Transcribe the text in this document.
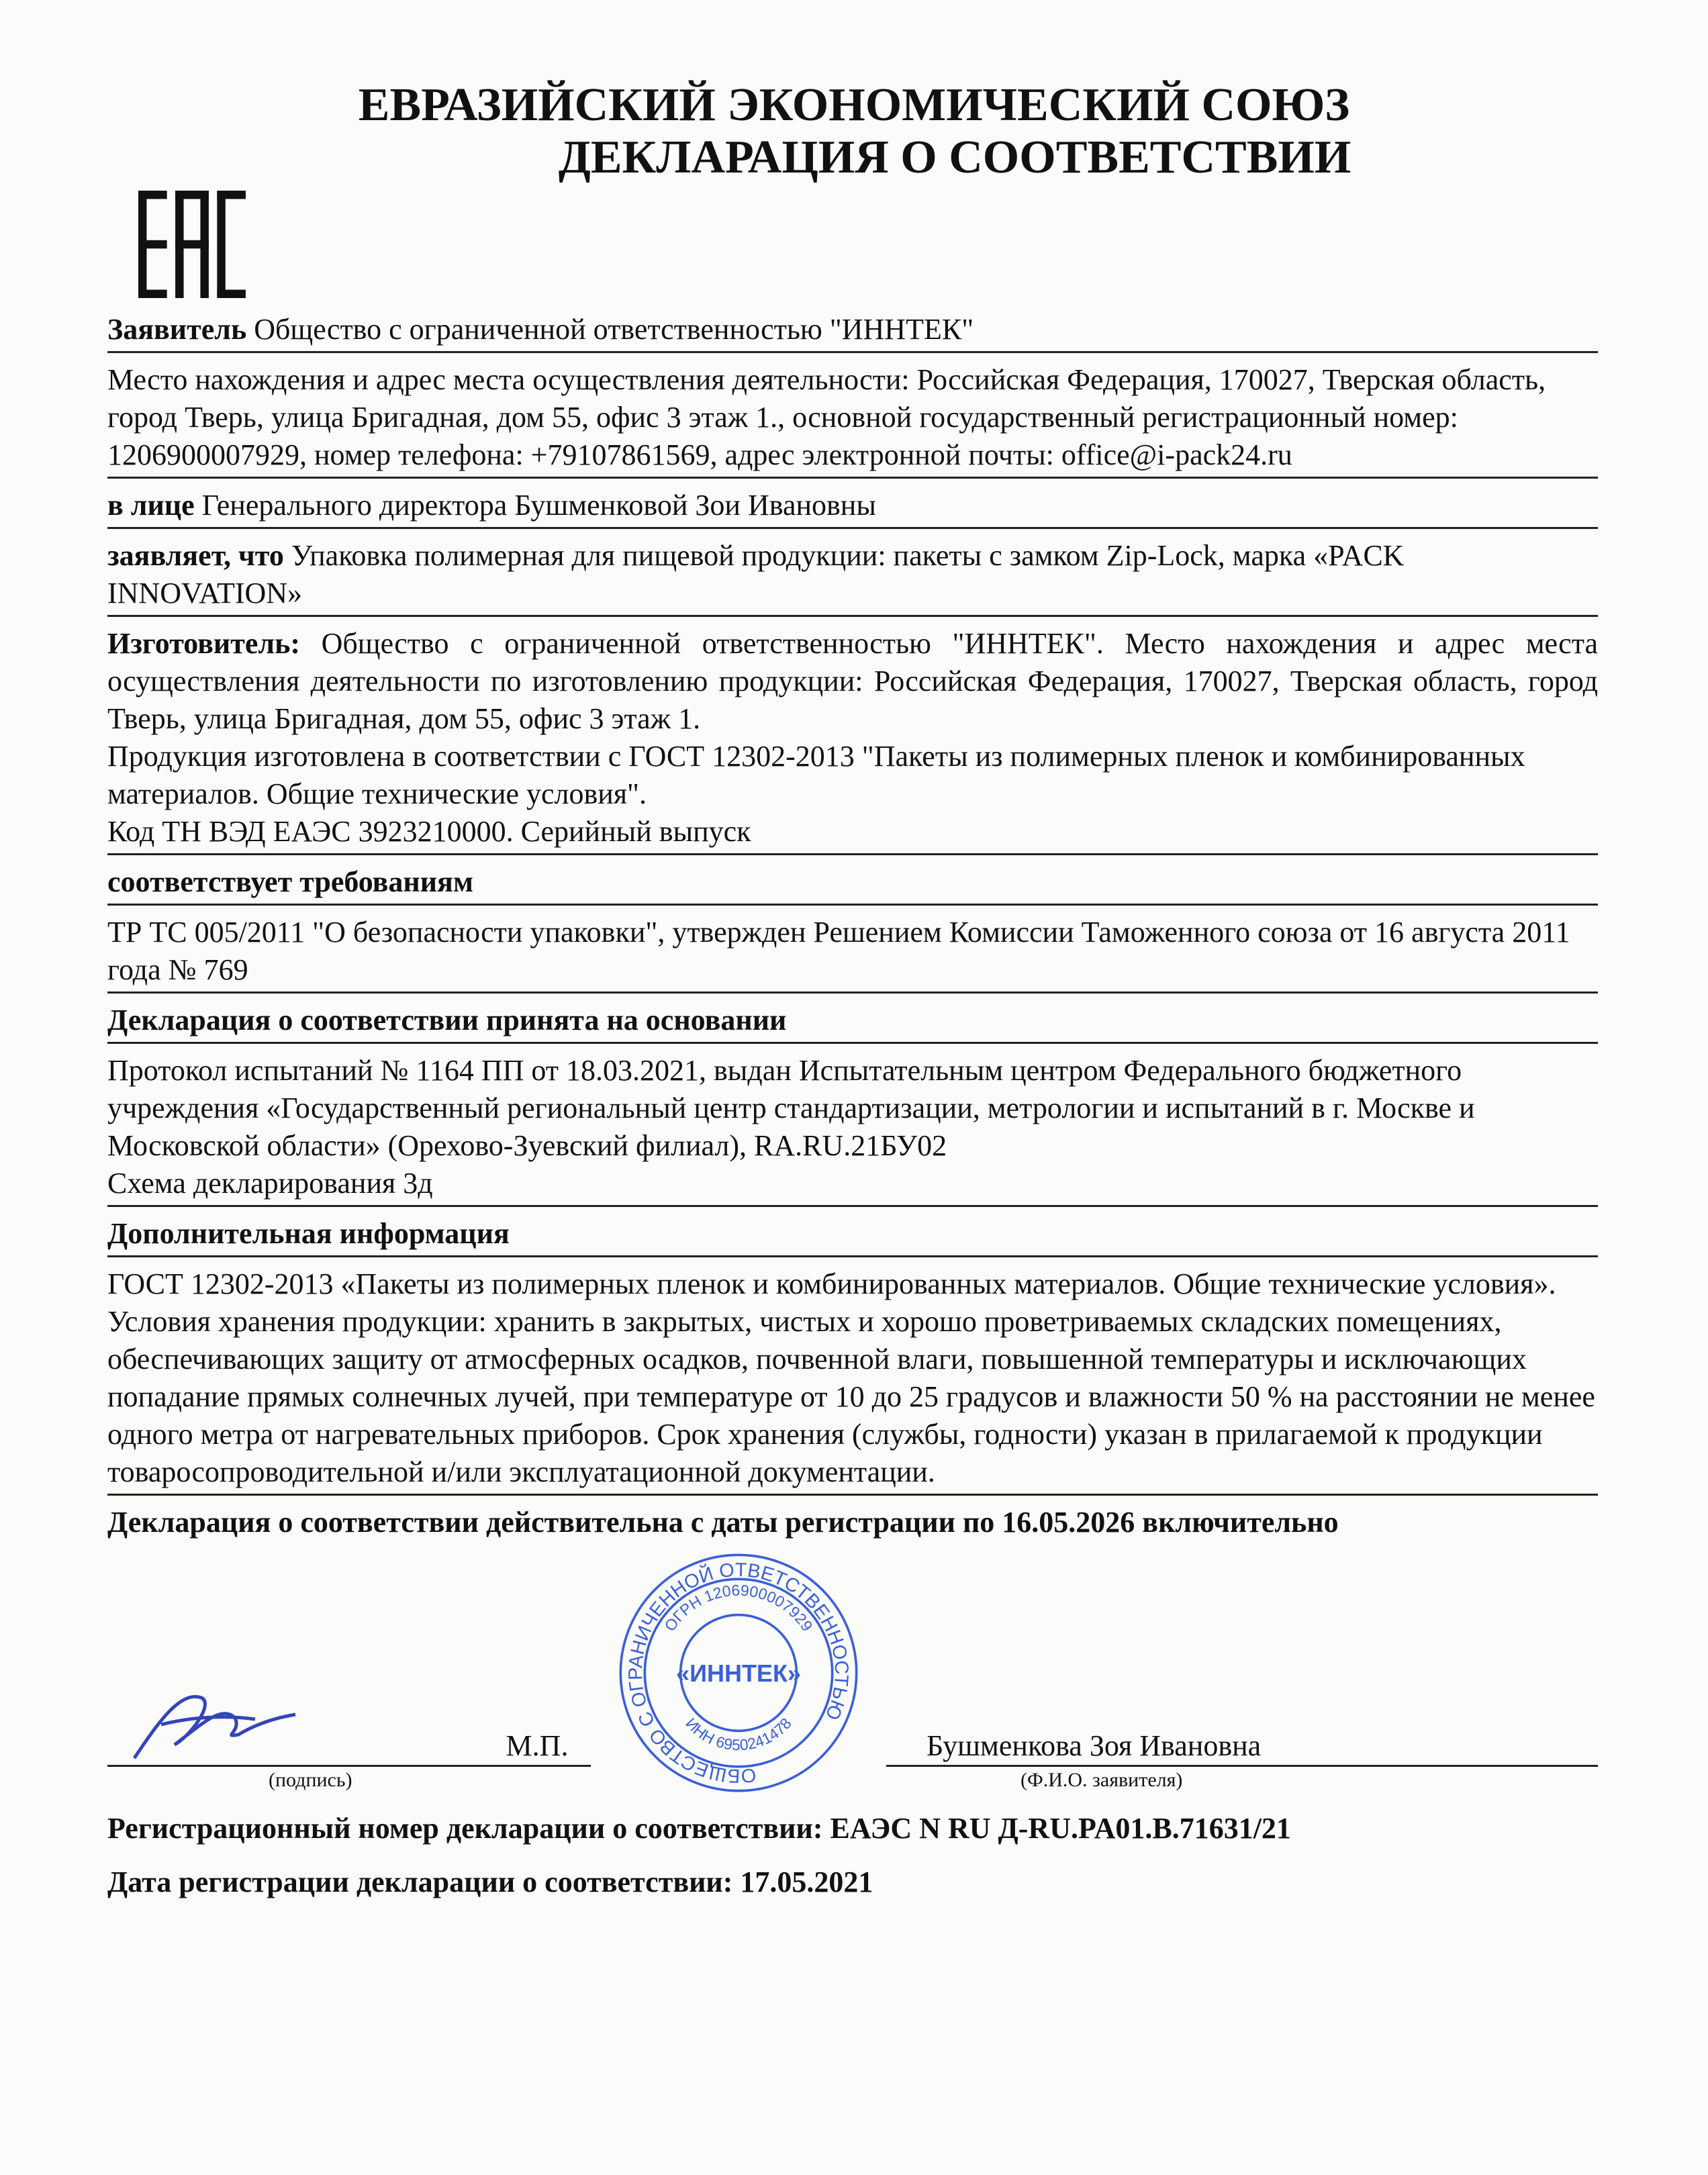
ЕВРАЗИЙСКИЙ ЭКОНОМИЧЕСКИЙ СОЮЗ
ДЕКЛАРАЦИЯ О СООТВЕТСТВИИ
Заявитель Общество с ограниченной ответственностью "ИННТЕК"
Место нахождения и адрес места осуществления деятельности: Российская Федерация, 170027, Тверская область, город Тверь, улица Бригадная, дом 55, офис 3 этаж 1., основной государственный регистрационный номер: 1206900007929, номер телефона: +79107861569, адрес электронной почты: office@i-pack24.ru
в лице Генерального директора Бушменковой Зои Ивановны
заявляет, что Упаковка полимерная для пищевой продукции: пакеты с замком Zip-Lock, марка «PACK INNOVATION»
Изготовитель: Общество с ограниченной ответственностью "ИННТЕК". Место нахождения и адрес места осуществления деятельности по изготовлению продукции: Российская Федерация, 170027, Тверская область, город Тверь, улица Бригадная, дом 55, офис 3 этаж 1.
Продукция изготовлена в соответствии с ГОСТ 12302-2013 "Пакеты из полимерных пленок и комбинированных материалов. Общие технические условия".
Код ТН ВЭД ЕАЭС 3923210000. Серийный выпуск
соответствует требованиям
ТР ТС 005/2011 "О безопасности упаковки", утвержден Решением Комиссии Таможенного союза от 16 августа 2011 года № 769
Декларация о соответствии принята на основании
Протокол испытаний № 1164 ПП от 18.03.2021, выдан Испытательным центром Федерального бюджетного учреждения «Государственный региональный центр стандартизации, метрологии и испытаний в г. Москве и Московской области» (Орехово-Зуевский филиал), RA.RU.21БУ02
Схема декларирования 3д
Дополнительная информация
ГОСТ 12302-2013 «Пакеты из полимерных пленок и комбинированных материалов. Общие технические условия». Условия хранения продукции: хранить в закрытых, чистых и хорошо проветриваемых складских помещениях, обеспечивающих защиту от атмосферных осадков, почвенной влаги, повышенной температуры и исключающих попадание прямых солнечных лучей, при температуре от 10 до 25 градусов и влажности 50 % на расстоянии не менее одного метра от нагревательных приборов. Срок хранения (службы, годности) указан в прилагаемой к продукции товаросопроводительной и/или эксплуатационной документации.
Декларация о соответствии действительна с даты регистрации по 16.05.2026 включительно
(подпись)
М.П.
ОБЩЕСТВО С ОГРАНИЧЕННОЙ ОТВЕТСТВЕННОСТЬЮ
ОГРН 1206900007929
ИНН 6950241478
«ИННТЕК»
Бушменкова Зоя Ивановна
(Ф.И.О. заявителя)
Регистрационный номер декларации о соответствии: ЕАЭС N RU Д-RU.PA01.B.71631/21
Дата регистрации декларации о соответствии: 17.05.2021
